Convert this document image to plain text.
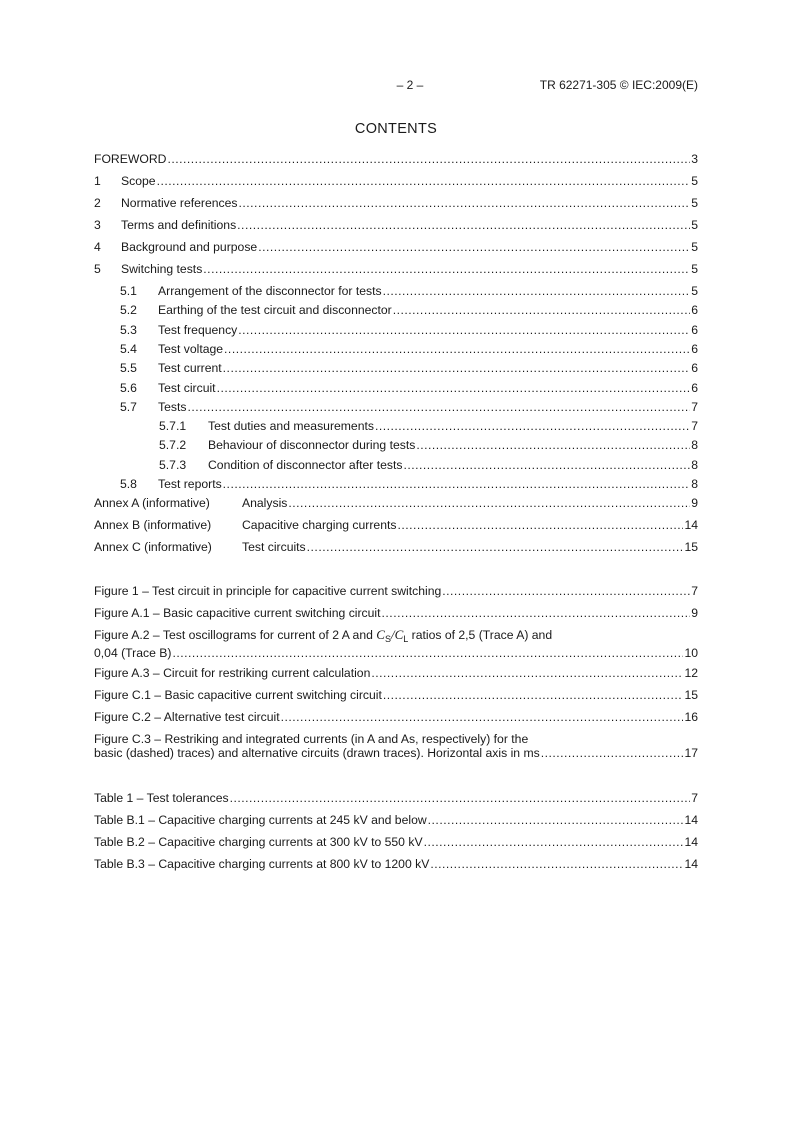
– 2 –	TR 62271-305 © IEC:2009(E)
CONTENTS
FOREWORD .....	3
1	Scope .....	5
2	Normative references .....	5
3	Terms and definitions .....	5
4	Background and purpose .....	5
5	Switching tests .....	5
5.1	Arrangement of the disconnector for tests .....	5
5.2	Earthing of the test circuit and disconnector .....	6
5.3	Test frequency .....	6
5.4	Test voltage .....	6
5.5	Test current .....	6
5.6	Test circuit .....	6
5.7	Tests .....	7
5.7.1	Test duties and measurements .....	7
5.7.2	Behaviour of disconnector during tests .....	8
5.7.3	Condition of disconnector after tests .....	8
5.8	Test reports .....	8
Annex A (informative)	Analysis .....	9
Annex B (informative)	Capacitive charging currents .....	14
Annex C (informative)	Test circuits .....	15
Figure 1 – Test circuit in principle for capacitive current switching .....	7
Figure A.1 – Basic capacitive current switching circuit .....	9
Figure A.2 – Test oscillograms for current of 2 A and $C_S/C_L$ ratios of 2,5 (Trace A) and
0,04 (Trace B) .....	10
Figure A.3 – Circuit for restriking current calculation .....	12
Figure C.1 – Basic capacitive current switching circuit .....	15
Figure C.2 – Alternative test circuit .....	16
Figure C.3 – Restriking and integrated currents (in A and As, respectively) for the
basic (dashed) traces) and alternative circuits (drawn traces). Horizontal axis in ms .....	17
Table 1 – Test tolerances .....	7
Table B.1 – Capacitive charging currents at 245 kV and below .....	14
Table B.2 – Capacitive charging currents at 300 kV to 550 kV .....	14
Table B.3 – Capacitive charging currents at 800 kV to 1200 kV .....	14
